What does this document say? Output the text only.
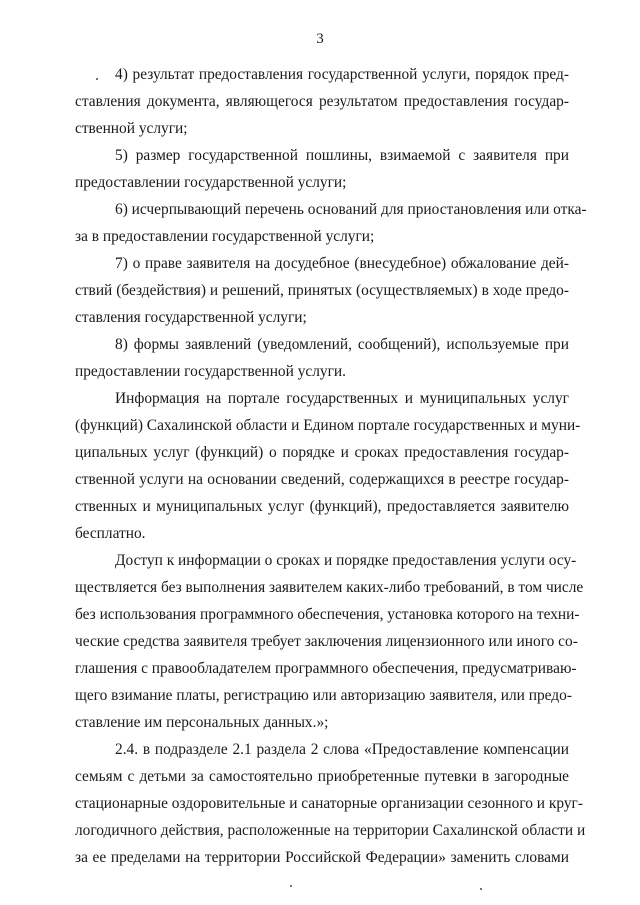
3
4) результат предоставления государственной услуги, порядок пред-
ставления документа, являющегося результатом предоставления государ-
ственной услуги;
5) размер государственной пошлины, взимаемой с заявителя при
предоставлении государственной услуги;
6) исчерпывающий перечень оснований для приостановления или отка-
за в предоставлении государственной услуги;
7) о праве заявителя на досудебное (внесудебное) обжалование дей-
ствий (бездействия) и решений, принятых (осуществляемых) в ходе предо-
ставления государственной услуги;
8) формы заявлений (уведомлений, сообщений), используемые при
предоставлении государственной услуги.
Информация на портале государственных и муниципальных услуг
(функций) Сахалинской области и Едином портале государственных и муни-
ципальных услуг (функций) о порядке и сроках предоставления государ-
ственной услуги на основании сведений, содержащихся в реестре государ-
ственных и муниципальных услуг (функций), предоставляется заявителю
бесплатно.
Доступ к информации о сроках и порядке предоставления услуги осу-
ществляется без выполнения заявителем каких-либо требований, в том числе
без использования программного обеспечения, установка которого на техни-
ческие средства заявителя требует заключения лицензионного или иного со-
глашения с правообладателем программного обеспечения, предусматриваю-
щего взимание платы, регистрацию или авторизацию заявителя, или предо-
ставление им персональных данных.»;
2.4. в подразделе 2.1 раздела 2 слова «Предоставление компенсации
семьям с детьми за самостоятельно приобретенные путевки в загородные
стационарные оздоровительные и санаторные организации сезонного и круг-
логодичного действия, расположенные на территории Сахалинской области и
за ее пределами на территории Российской Федерации» заменить словами
